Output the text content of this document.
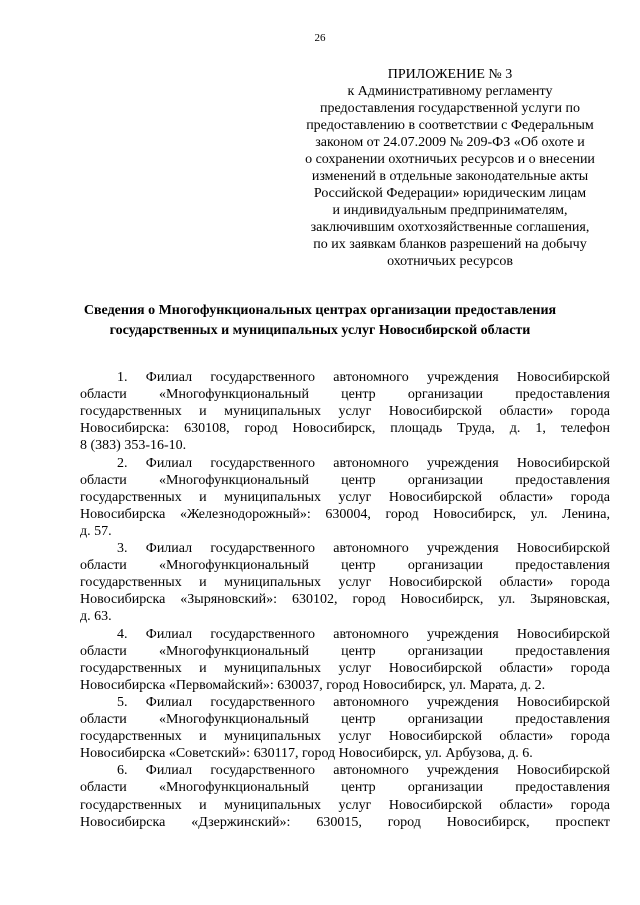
26
ПРИЛОЖЕНИЕ № 3
к Административному регламенту
предоставления государственной услуги по
предоставлению в соответствии с Федеральным
законом от 24.07.2009 № 209-ФЗ «Об охоте и
о сохранении охотничьих ресурсов и о внесении
изменений в отдельные законодательные акты
Российской Федерации» юридическим лицам
и индивидуальным предпринимателям,
заключившим охотхозяйственные соглашения,
по их заявкам бланков разрешений на добычу
охотничьих ресурсов
Сведения о Многофункциональных центрах организации предоставления
государственных и муниципальных услуг Новосибирской области
1. Филиал государственного автономного учреждения Новосибирской
области «Многофункциональный центр организации предоставления
государственных и муниципальных услуг Новосибирской области» города
Новосибирска: 630108, город Новосибирск, площадь Труда, д. 1, телефон
8 (383) 353-16-10.
2. Филиал государственного автономного учреждения Новосибирской
области «Многофункциональный центр организации предоставления
государственных и муниципальных услуг Новосибирской области» города
Новосибирска «Железнодорожный»: 630004, город Новосибирск, ул. Ленина,
д. 57.
3. Филиал государственного автономного учреждения Новосибирской
области «Многофункциональный центр организации предоставления
государственных и муниципальных услуг Новосибирской области» города
Новосибирска «Зыряновский»: 630102, город Новосибирск, ул. Зыряновская,
д. 63.
4. Филиал государственного автономного учреждения Новосибирской
области «Многофункциональный центр организации предоставления
государственных и муниципальных услуг Новосибирской области» города
Новосибирска «Первомайский»: 630037, город Новосибирск, ул. Марата, д. 2.
5. Филиал государственного автономного учреждения Новосибирской
области «Многофункциональный центр организации предоставления
государственных и муниципальных услуг Новосибирской области» города
Новосибирска «Советский»: 630117, город Новосибирск, ул. Арбузова, д. 6.
6. Филиал государственного автономного учреждения Новосибирской
области «Многофункциональный центр организации предоставления
государственных и муниципальных услуг Новосибирской области» города
Новосибирска «Дзержинский»: 630015, город Новосибирск, проспект
